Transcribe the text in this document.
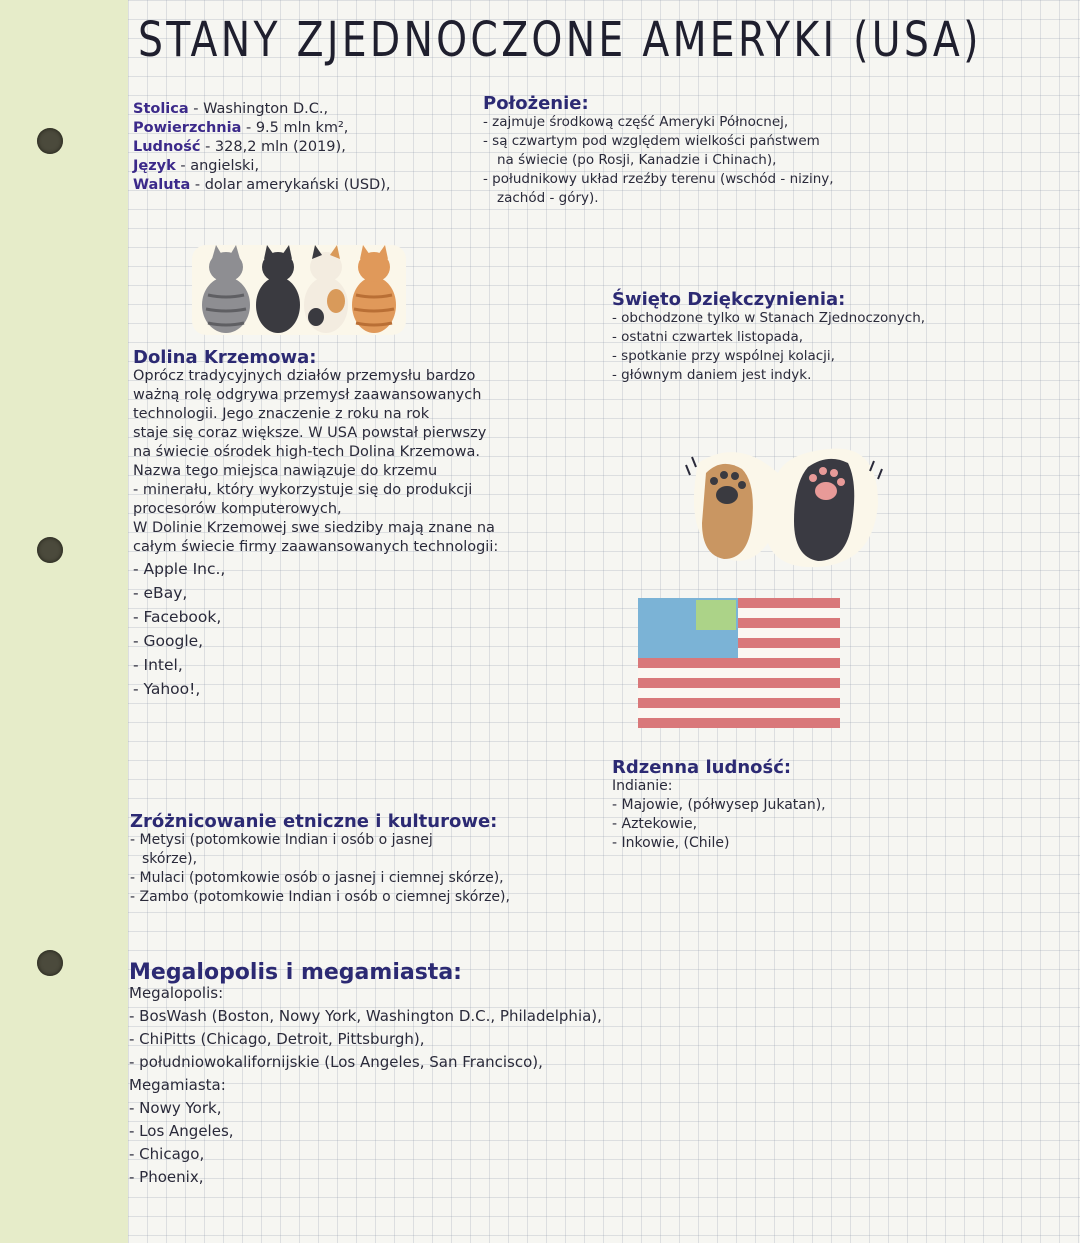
STANY ZJEDNOCZONE AMERYKI (USA)
Stolica - Washington D.C.,
Powierzchnia - 9.5 mln km²,
Ludność - 328,2 mln (2019),
Język - angielski,
Waluta - dolar amerykański (USD),
Położenie:
- zajmuje środkową część Ameryki Północnej,
- są czwartym pod względem wielkości państwem
na świecie (po Rosji, Kanadzie i Chinach),
- południkowy układ rzeźby terenu (wschód - niziny,
zachód - góry).
Dolina Krzemowa:
Oprócz tradycyjnych działów przemysłu bardzo
ważną rolę odgrywa przemysł zaawansowanych
technologii. Jego znaczenie z roku na rok
staje się coraz większe. W USA powstał pierwszy
na świecie ośrodek high-tech Dolina Krzemowa.
Nazwa tego miejsca nawiązuje do krzemu
- minerału, który wykorzystuje się do produkcji
procesorów komputerowych,
W Dolinie Krzemowej swe siedziby mają znane na
całym świecie firmy zaawansowanych technologii:
- Apple Inc.,
- eBay,
- Facebook,
- Google,
- Intel,
- Yahoo!,
Święto Dziękczynienia:
- obchodzone tylko w Stanach Zjednoczonych,
- ostatni czwartek listopada,
- spotkanie przy wspólnej kolacji,
- głównym daniem jest indyk.
Rdzenna ludność:
Indianie:
- Majowie, (półwysep Jukatan),
- Aztekowie,
- Inkowie, (Chile)
Zróżnicowanie etniczne i kulturowe:
- Metysi (potomkowie Indian i osób o jasnej
skórze),
- Mulaci (potomkowie osób o jasnej i ciemnej skórze),
- Zambo (potomkowie Indian i osób o ciemnej skórze),
Megalopolis i megamiasta:
Megalopolis:
- BosWash (Boston, Nowy York, Washington D.C., Philadelphia),
- ChiPitts (Chicago, Detroit, Pittsburgh),
- południowokalifornijskie (Los Angeles, San Francisco),
Megamiasta:
- Nowy York,
- Los Angeles,
- Chicago,
- Phoenix,
